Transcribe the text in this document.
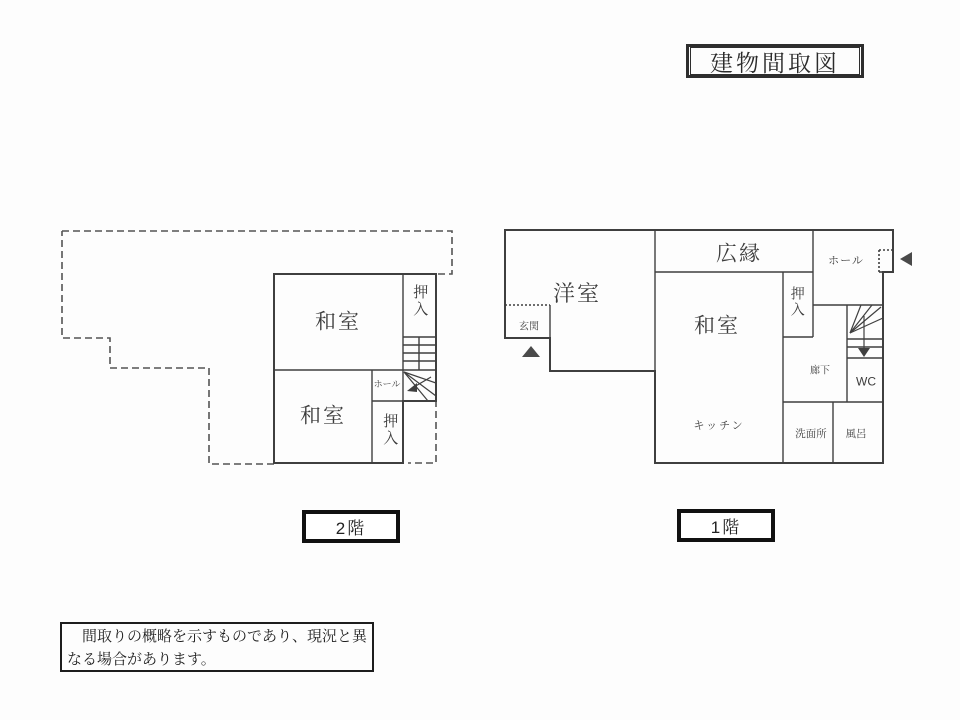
建物間取図
和室
押入
和室
ホール
押入
洋室
広縁
和室
押入
ホール
玄関
キッチン
廊下
WC
洗面所 風呂
2階	1階
　間取りの概略を示すものであり、現況と異なる場合があります。
